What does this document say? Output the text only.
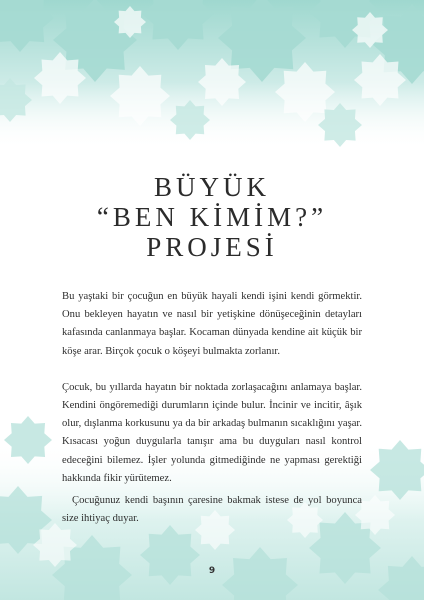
BÜYÜK
“BEN KİMİM?”
PROJESİ

Bu yaştaki bir çocuğun en büyük hayali kendi işini kendi görmektir. Onu bekleyen hayatın ve nasıl bir yetişkine dönüşeceğinin detayları kafasında canlanmaya başlar. Kocaman dünyada kendine ait küçük bir köşe arar. Birçok çocuk o köşeyi bulmakta zorlanır.

Çocuk, bu yıllarda hayatın bir noktada zorlaşacağını anlamaya başlar. Kendini öngöremediği durumların içinde bulur. İncinir ve incitir, âşık olur, dışlanma korkusunu ya da bir arkadaş bulmanın sıcaklığını yaşar. Kısacası yoğun duygularla tanışır ama bu duyguları nasıl kontrol edeceğini bilemez. İşler yolunda gitmediğinde ne yapması gerektiği hakkında fikir yürütemez.

Çocuğunuz kendi başının çaresine bakmak istese de yol boyunca size ihtiyaç duyar.

9
